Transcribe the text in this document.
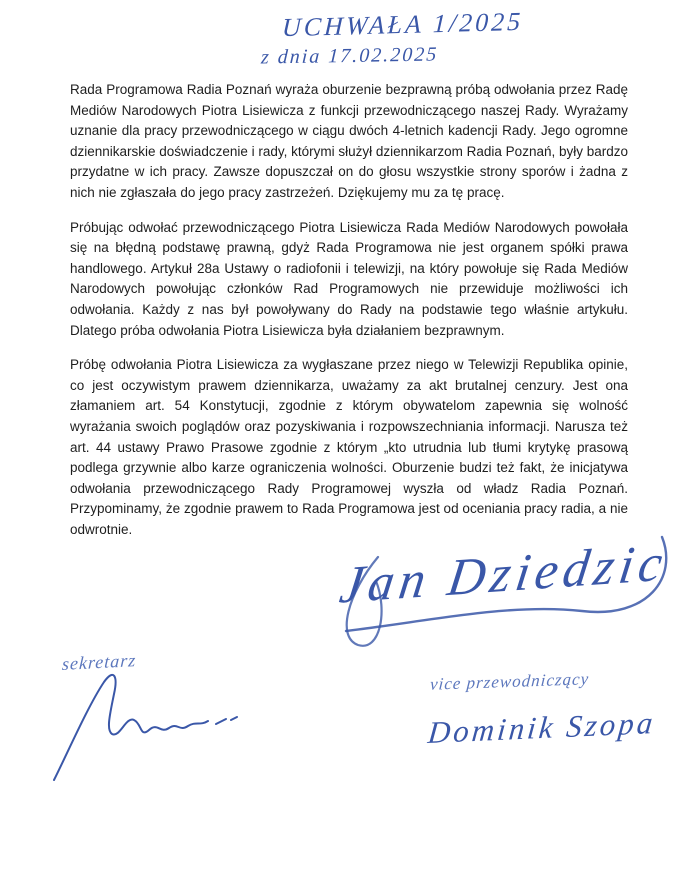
UCHWAŁA 1/2025
z dnia 17.02.2025

Rada Programowa Radia Poznań wyraża oburzenie bezprawną próbą odwołania przez Radę Mediów Narodowych Piotra Lisiewicza z funkcji przewodniczącego naszej Rady. Wyrażamy uznanie dla pracy przewodniczącego w ciągu dwóch 4-letnich kadencji Rady. Jego ogromne dziennikarskie doświadczenie i rady, którymi służył dziennikarzom Radia Poznań, były bardzo przydatne w ich pracy. Zawsze dopuszczał on do głosu wszystkie strony sporów i żadna z nich nie zgłaszała do jego pracy zastrzeżeń. Dziękujemy mu za tę pracę.

Próbując odwołać przewodniczącego Piotra Lisiewicza Rada Mediów Narodowych powołała się na błędną podstawę prawną, gdyż Rada Programowa nie jest organem spółki prawa handlowego. Artykuł 28a Ustawy o radiofonii i telewizji, na który powołuje się Rada Mediów Narodowych powołując członków Rad Programowych nie przewiduje możliwości ich odwołania. Każdy z nas był powoływany do Rady na podstawie tego właśnie artykułu. Dlatego próba odwołania Piotra Lisiewicza była działaniem bezprawnym.

Próbę odwołania Piotra Lisiewicza za wygłaszane przez niego w Telewizji Republika opinie, co jest oczywistym prawem dziennikarza, uważamy za akt brutalnej cenzury. Jest ona złamaniem art. 54 Konstytucji, zgodnie z którym obywatelom zapewnia się wolność wyrażania swoich poglądów oraz pozyskiwania i rozpowszechniania informacji. Narusza też art. 44 ustawy Prawo Prasowe zgodnie z którym „kto utrudnia lub tłumi krytykę prasową podlega grzywnie albo karze ograniczenia wolności. Oburzenie budzi też fakt, że inicjatywa odwołania przewodniczącego Rady Programowej wyszła od władz Radia Poznań. Przypominamy, że zgodnie prawem to Rada Programowa jest od oceniania pracy radia, a nie odwrotnie.

Jan Dziedzic
sekretarz
vice przewodniczący
Dominik Szopa
